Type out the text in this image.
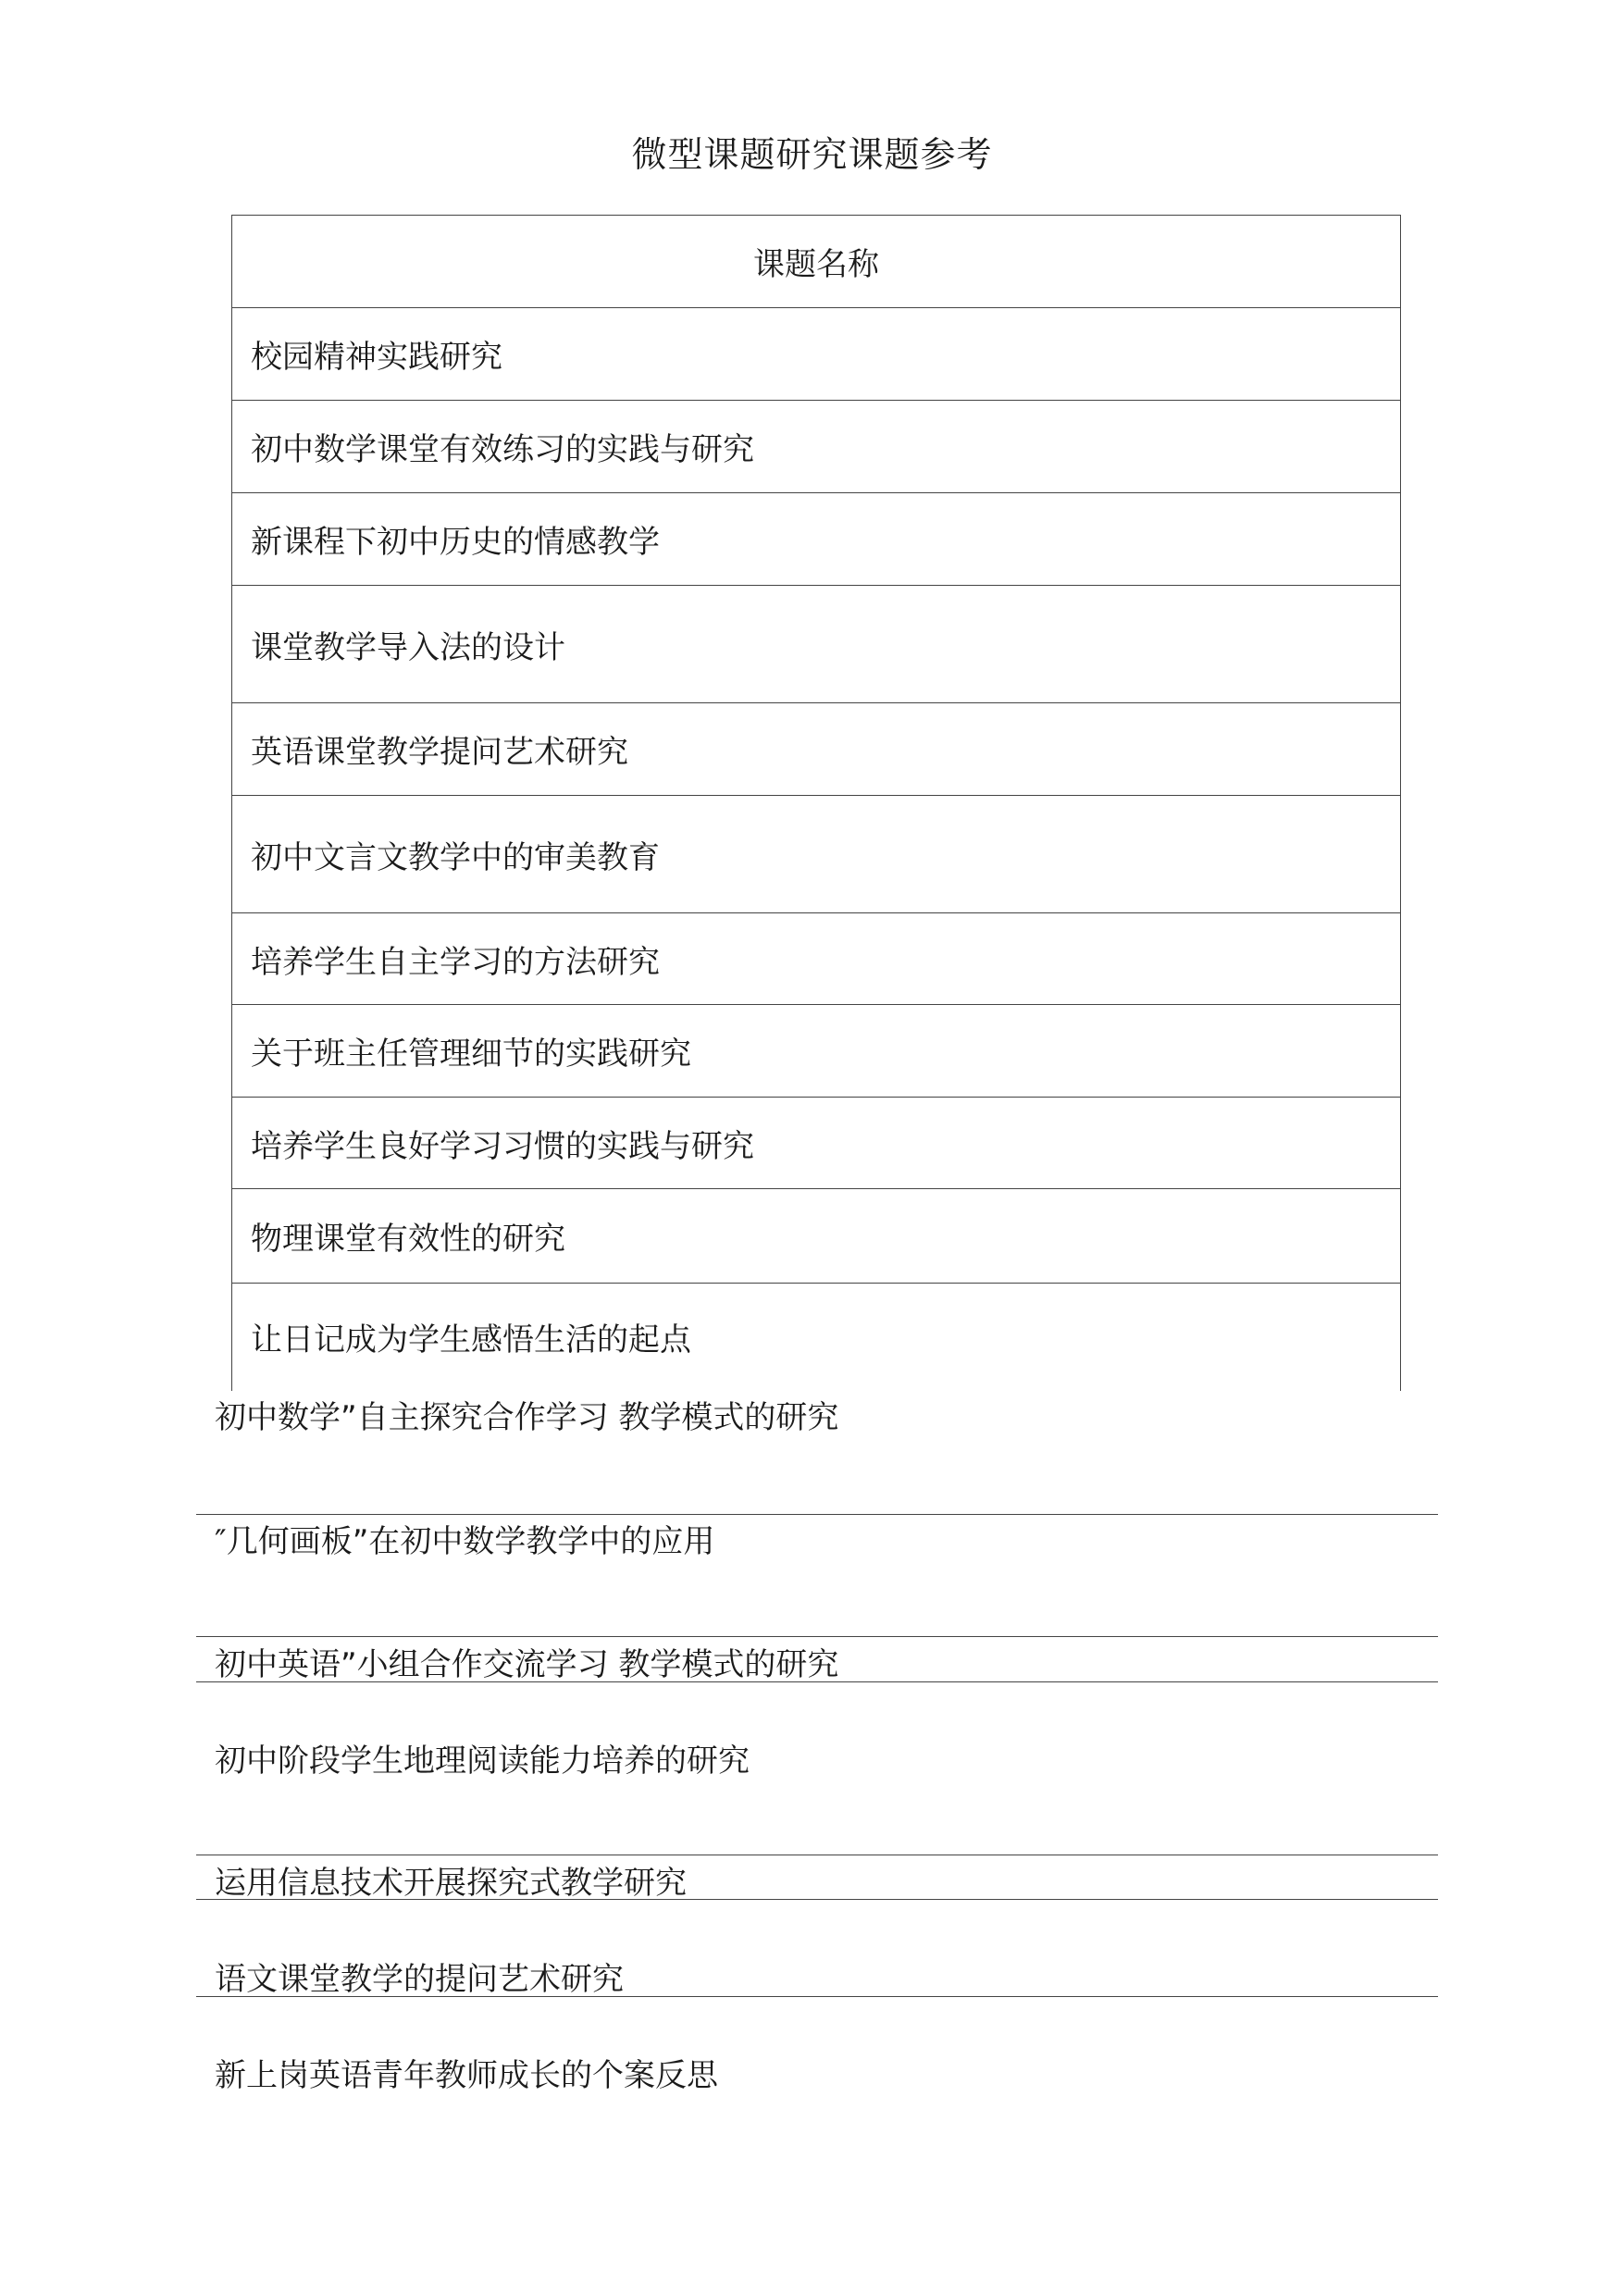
微型课题研究课题参考
课题名称
校园精神实践研究
初中数学课堂有效练习的实践与研究
新课程下初中历史的情感教学
课堂教学导入法的设计
英语课堂教学提问艺术研究
初中文言文教学中的审美教育
培养学生自主学习的方法研究
关于班主任管理细节的实践研究
培养学生良好学习习惯的实践与研究
物理课堂有效性的研究
让日记成为学生感悟生活的起点
初中数学”自主探究合作学习 教学模式的研究
″几何画板”在初中数学教学中的应用
初中英语”小组合作交流学习 教学模式的研究
初中阶段学生地理阅读能力培养的研究
运用信息技术开展探究式教学研究
语文课堂教学的提问艺术研究
新上岗英语青年教师成长的个案反思
